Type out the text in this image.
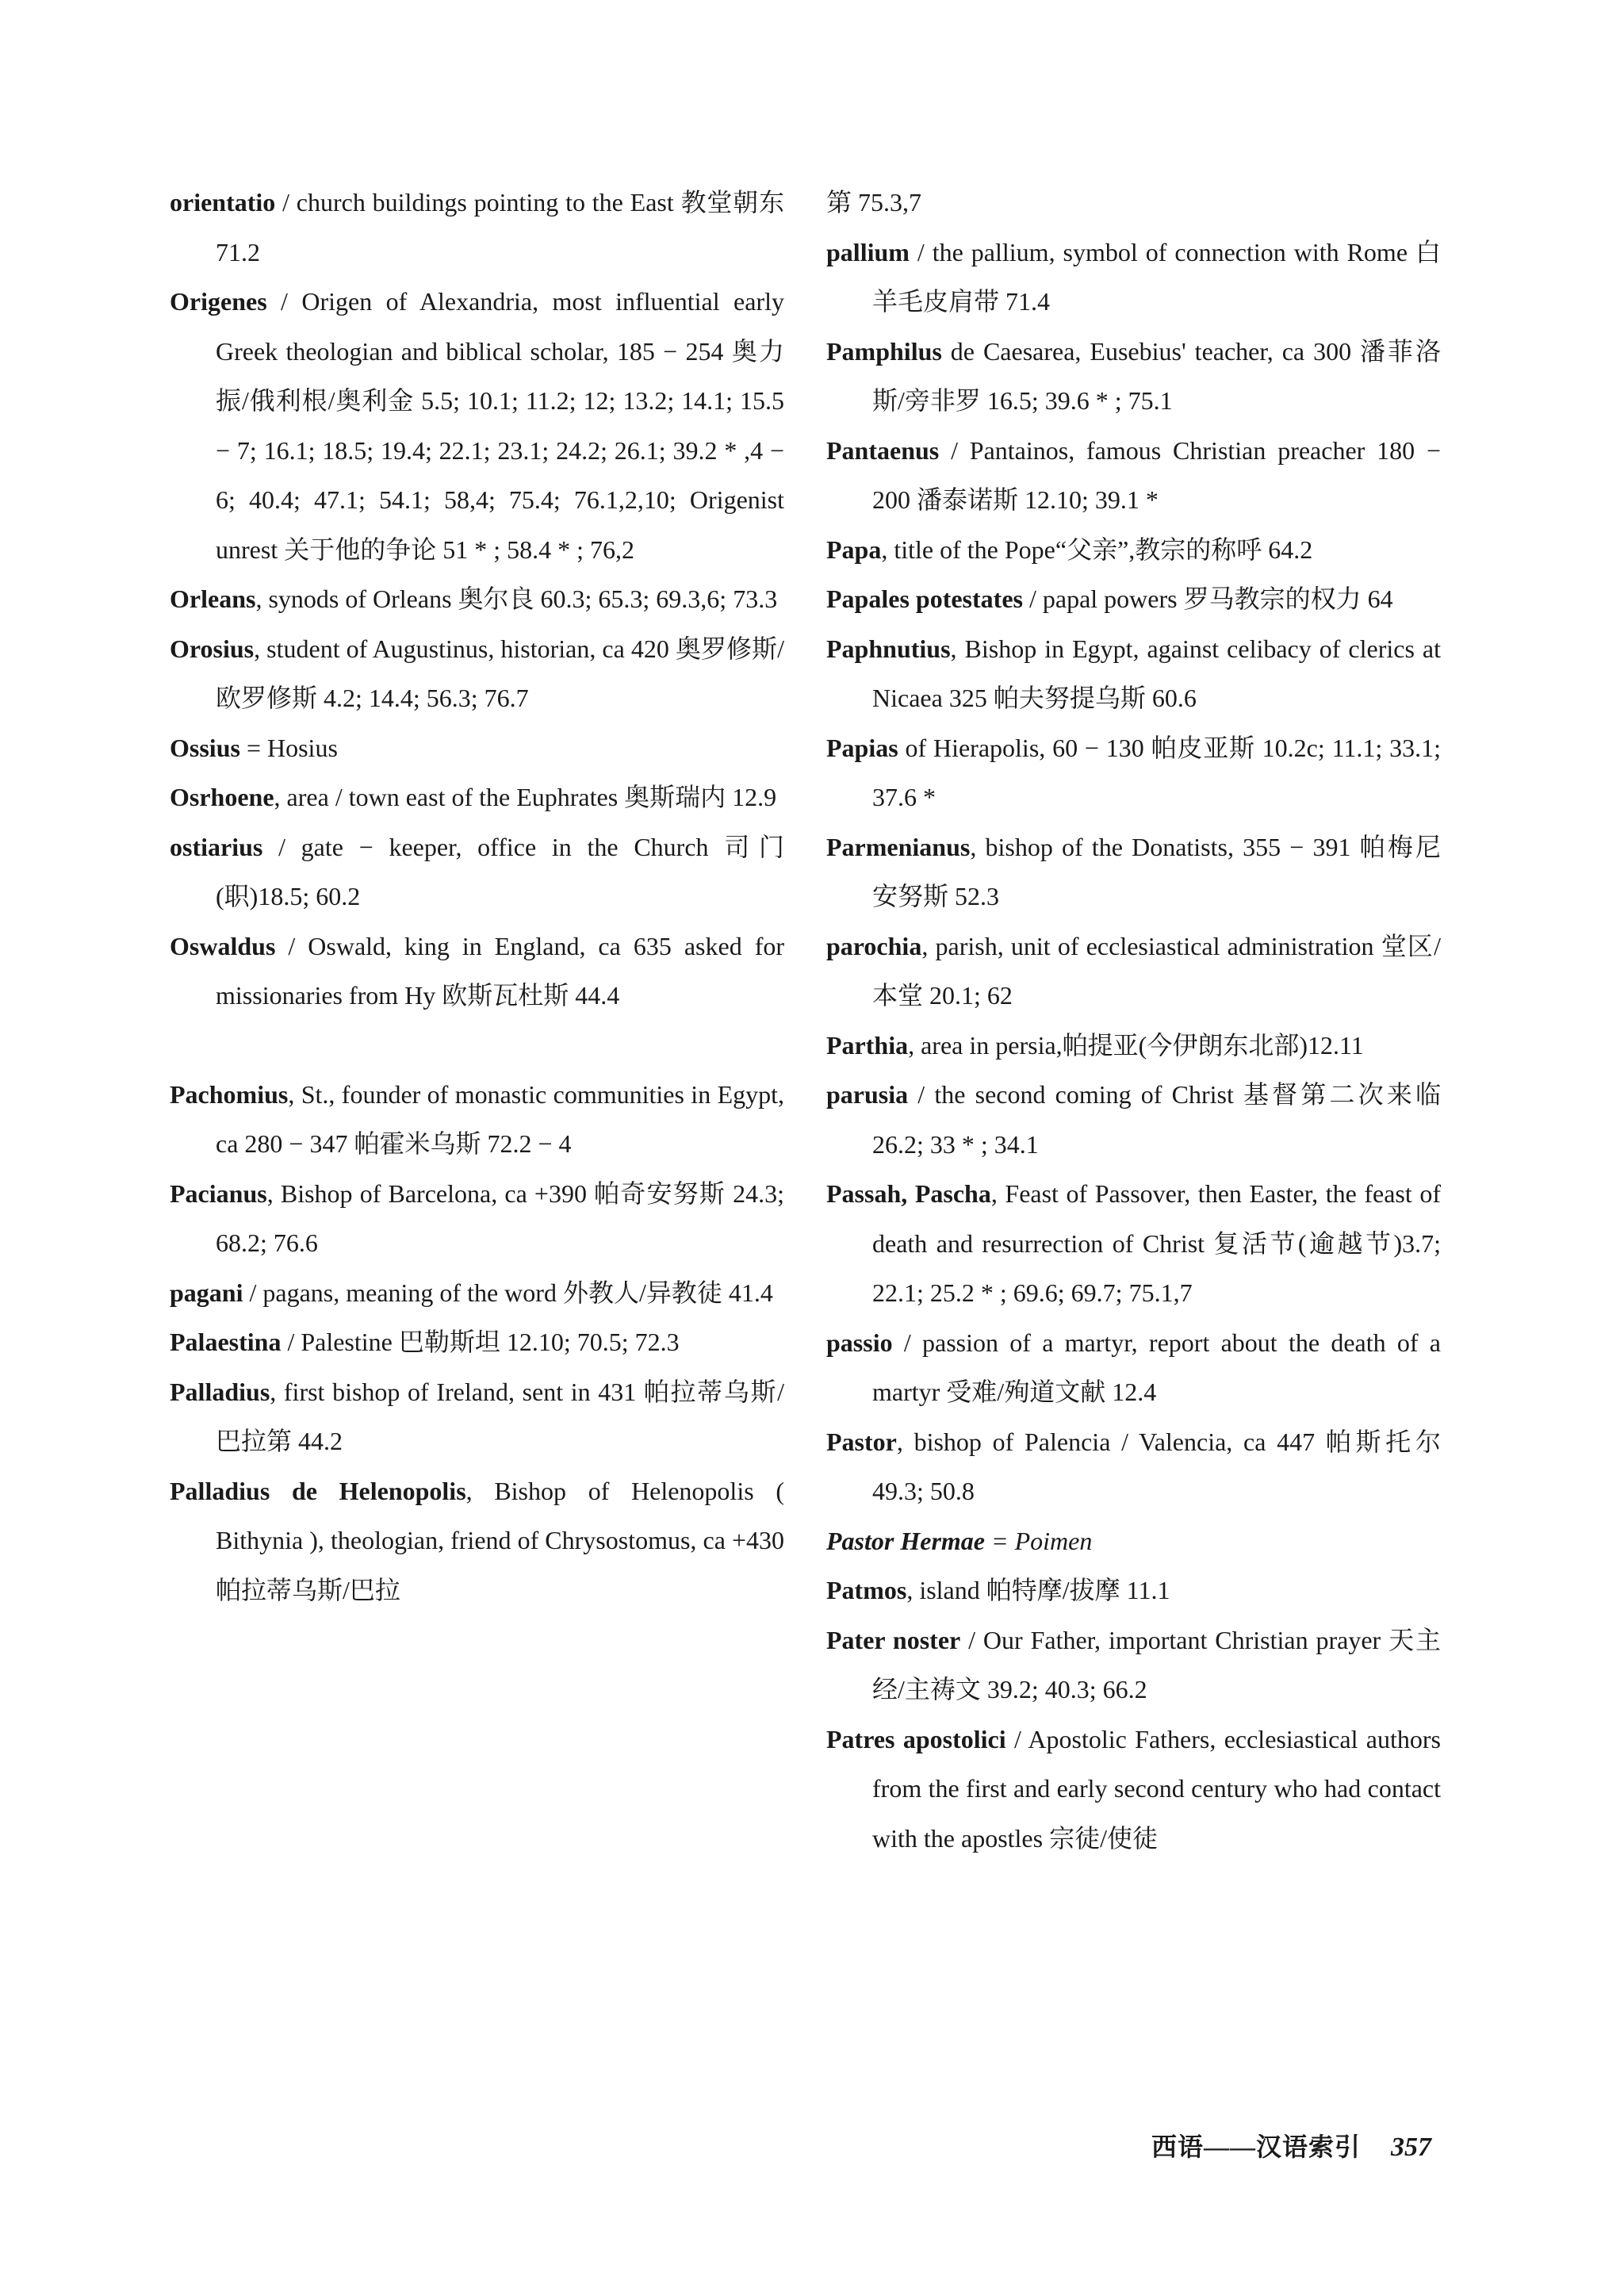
orientatio / church buildings pointing to the East 教堂朝东 71.2
Origenes / Origen of Alexandria, most influential early Greek theologian and biblical scholar, 185 − 254 奥力振/俄利根/奥利金 5.5; 10.1; 11.2; 12; 13.2; 14.1; 15.5 − 7; 16.1; 18.5; 19.4; 22.1; 23.1; 24.2; 26.1; 39.2 * ,4 − 6; 40.4; 47.1; 54.1; 58,4; 75.4; 76.1,2,10; Origenist unrest 关于他的争论 51 * ; 58.4 * ; 76,2
Orleans, synods of Orleans 奥尔良 60.3; 65.3; 69.3,6; 73.3
Orosius, student of Augustinus, historian, ca 420 奥罗修斯/欧罗修斯 4.2; 14.4; 56.3; 76.7
Ossius = Hosius
Osrhoene, area / town east of the Euphrates 奥斯瑞内 12.9
ostiarius / gate − keeper, office in the Church 司门(职)18.5; 60.2
Oswaldus / Oswald, king in England, ca 635 asked for missionaries from Hy 欧斯瓦杜斯 44.4
Pachomius, St., founder of monastic communities in Egypt, ca 280 − 347 帕霍米乌斯 72.2 − 4
Pacianus, Bishop of Barcelona, ca +390 帕奇安努斯 24.3; 68.2; 76.6
pagani / pagans, meaning of the word 外教人/异教徒 41.4
Palaestina / Palestine 巴勒斯坦 12.10; 70.5; 72.3
Palladius, first bishop of Ireland, sent in 431 帕拉蒂乌斯/巴拉第 44.2
Palladius de Helenopolis, Bishop of Helenopolis ( Bithynia ), theologian, friend of Chrysostomus, ca +430 帕拉蒂乌斯/巴拉
第 75.3,7
pallium / the pallium, symbol of connection with Rome 白羊毛皮肩带 71.4
Pamphilus de Caesarea, Eusebius' teacher, ca 300 潘菲洛斯/旁非罗 16.5; 39.6 * ; 75.1
Pantaenus / Pantainos, famous Christian preacher 180 − 200 潘泰诺斯 12.10; 39.1 *
Papa, title of the Pope“父亲”,教宗的称呼 64.2
Papales potestates / papal powers 罗马教宗的权力 64
Paphnutius, Bishop in Egypt, against celibacy of clerics at Nicaea 325 帕夫努提乌斯 60.6
Papias of Hierapolis, 60 − 130 帕皮亚斯 10.2c; 11.1; 33.1; 37.6 *
Parmenianus, bishop of the Donatists, 355 − 391 帕梅尼安努斯 52.3
parochia, parish, unit of ecclesiastical administration 堂区/本堂 20.1; 62
Parthia, area in persia,帕提亚(今伊朗东北部)12.11
parusia / the second coming of Christ 基督第二次来临 26.2; 33 * ; 34.1
Passah, Pascha, Feast of Passover, then Easter, the feast of death and resurrection of Christ 复活节(逾越节)3.7; 22.1; 25.2 * ; 69.6; 69.7; 75.1,7
passio / passion of a martyr, report about the death of a martyr 受难/殉道文献 12.4
Pastor, bishop of Palencia / Valencia, ca 447 帕斯托尔 49.3; 50.8
Pastor Hermae = Poimen
Patmos, island 帕特摩/拔摩 11.1
Pater noster / Our Father, important Christian prayer 天主经/主祷文 39.2; 40.3; 66.2
Patres apostolici / Apostolic Fathers, ecclesiastical authors from the first and early second century who had contact with the apostles 宗徒/使徒
西语——汉语索引 357
